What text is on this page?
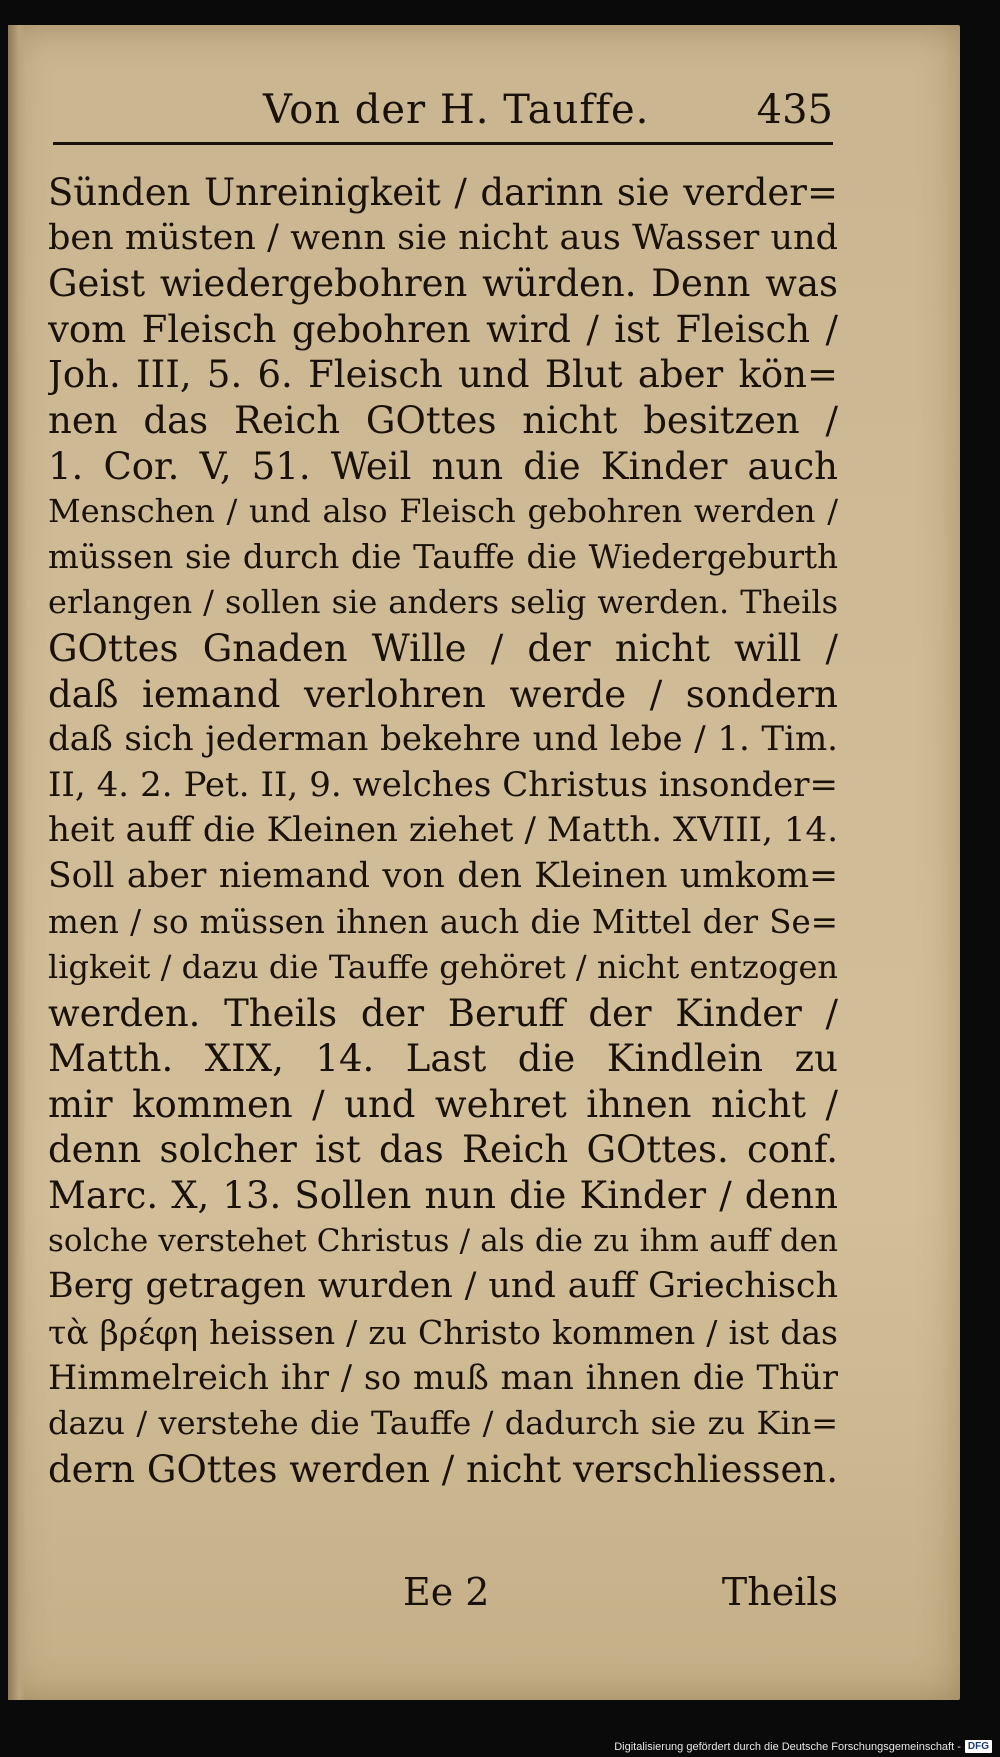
Von der H. Tauffe.	435
Sünden Unreinigkeit / darinn sie verder=
ben müsten / wenn sie nicht aus Wasser und
Geist wiedergebohren würden. Denn was
vom Fleisch gebohren wird / ist Fleisch /
Joh. III, 5. 6. Fleisch und Blut aber kön=
nen das Reich GOttes nicht besitzen /
1. Cor. V, 51. Weil nun die Kinder auch
Menschen / und also Fleisch gebohren werden /
müssen sie durch die Tauffe die Wiedergeburth
erlangen / sollen sie anders selig werden. Theils
GOttes Gnaden Wille / der nicht will /
daß iemand verlohren werde / sondern
daß sich jederman bekehre und lebe / 1. Tim.
II, 4. 2. Pet. II, 9. welches Christus insonder=
heit auff die Kleinen ziehet / Matth. XVIII, 14.
Soll aber niemand von den Kleinen umkom=
men / so müssen ihnen auch die Mittel der Se=
ligkeit / dazu die Tauffe gehöret / nicht entzogen
werden. Theils der Beruff der Kinder /
Matth. XIX, 14. Last die Kindlein zu
mir kommen / und wehret ihnen nicht /
denn solcher ist das Reich GOttes. conf.
Marc. X, 13. Sollen nun die Kinder / denn
solche verstehet Christus / als die zu ihm auff den
Berg getragen wurden / und auff Griechisch
τὰ βρέφη heissen / zu Christo kommen / ist das
Himmelreich ihr / so muß man ihnen die Thür
dazu / verstehe die Tauffe / dadurch sie zu Kin=
dern GOttes werden / nicht verschliessen.
Ee 2	Theils
Digitalisierung gefördert durch die Deutsche Forschungsgemeinschaft - DFG
